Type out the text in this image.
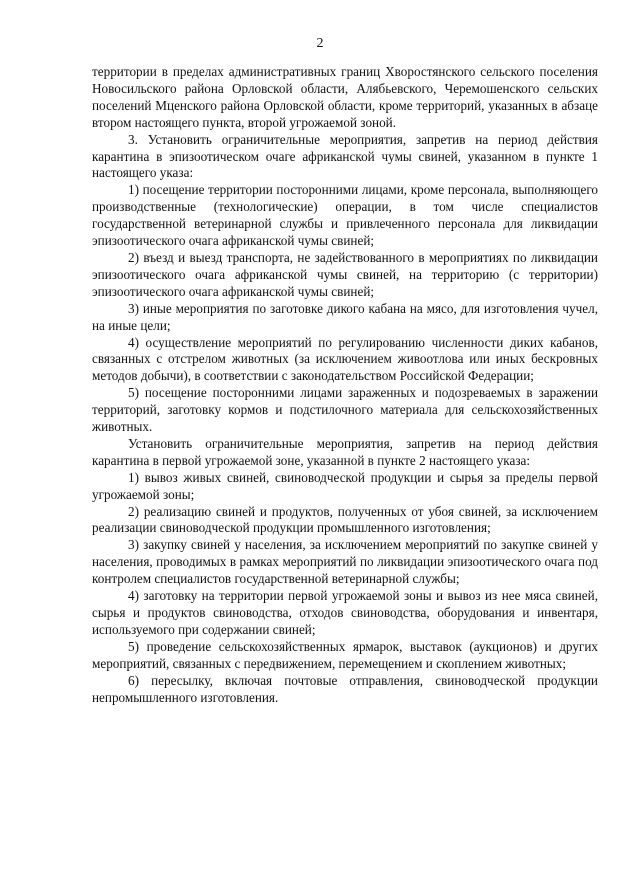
2

территории в пределах административных границ Хворостянского сельского поселения Новосильского района Орловской области, Алябьевского, Черемошенского сельских поселений Мценского района Орловской области, кроме территорий, указанных в абзаце втором настоящего пункта, второй угрожаемой зоной.

3. Установить ограничительные мероприятия, запретив на период действия карантина в эпизоотическом очаге африканской чумы свиней, указанном в пункте 1 настоящего указа:

1) посещение территории посторонними лицами, кроме персонала, выполняющего производственные (технологические) операции, в том числе специалистов государственной ветеринарной службы и привлеченного персонала для ликвидации эпизоотического очага африканской чумы свиней;

2) въезд и выезд транспорта, не задействованного в мероприятиях по ликвидации эпизоотического очага африканской чумы свиней, на территорию (с территории) эпизоотического очага африканской чумы свиней;

3) иные мероприятия по заготовке дикого кабана на мясо, для изготовления чучел, на иные цели;

4) осуществление мероприятий по регулированию численности диких кабанов, связанных с отстрелом животных (за исключением живоотлова или иных бескровных методов добычи), в соответствии с законодательством Российской Федерации;

5) посещение посторонними лицами зараженных и подозреваемых в заражении территорий, заготовку кормов и подстилочного материала для сельскохозяйственных животных.

Установить ограничительные мероприятия, запретив на период действия карантина в первой угрожаемой зоне, указанной в пункте 2 настоящего указа:

1) вывоз живых свиней, свиноводческой продукции и сырья за пределы первой угрожаемой зоны;

2) реализацию свиней и продуктов, полученных от убоя свиней, за исключением реализации свиноводческой продукции промышленного изготовления;

3) закупку свиней у населения, за исключением мероприятий по закупке свиней у населения, проводимых в рамках мероприятий по ликвидации эпизоотического очага под контролем специалистов государственной ветеринарной службы;

4) заготовку на территории первой угрожаемой зоны и вывоз из нее мяса свиней, сырья и продуктов свиноводства, отходов свиноводства, оборудования и инвентаря, используемого при содержании свиней;

5) проведение сельскохозяйственных ярмарок, выставок (аукционов) и других мероприятий, связанных с передвижением, перемещением и скоплением животных;

6) пересылку, включая почтовые отправления, свиноводческой продукции непромышленного изготовления.
